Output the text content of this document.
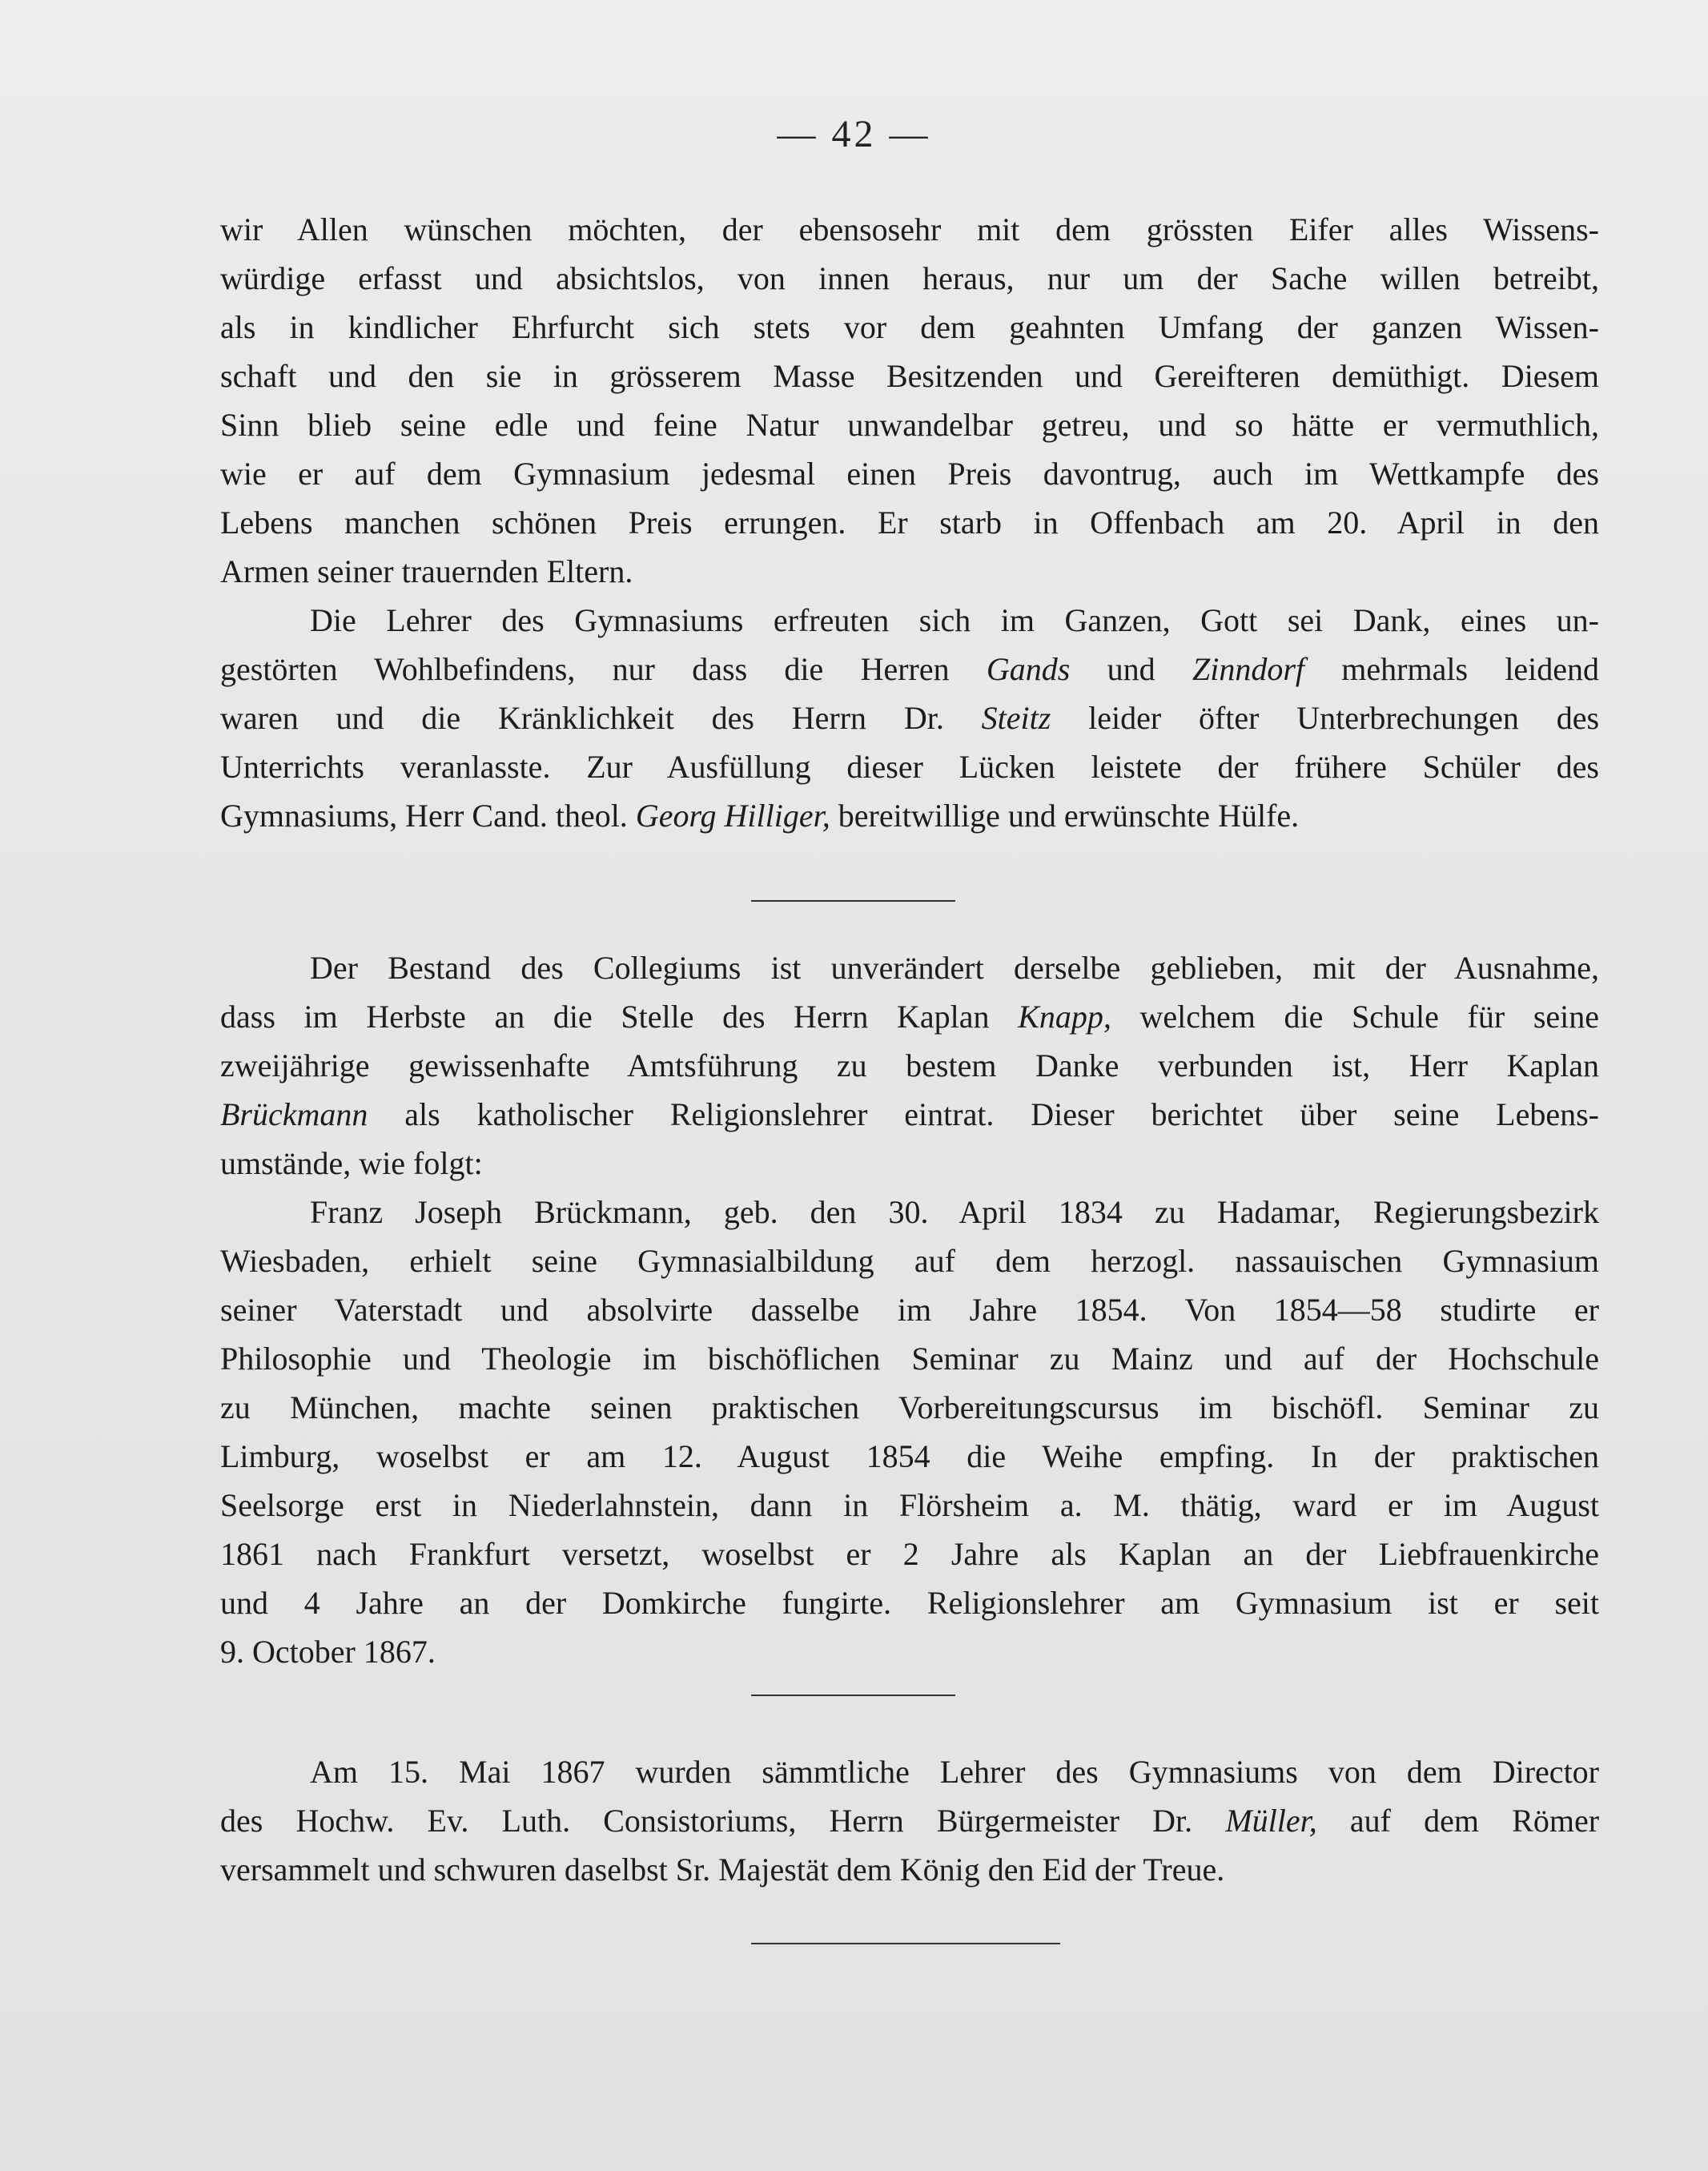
— 42 —

wir Allen wünschen möchten, der ebensosehr mit dem grössten Eifer alles Wissens-
würdige erfasst und absichtslos, von innen heraus, nur um der Sache willen betreibt,
als in kindlicher Ehrfurcht sich stets vor dem geahnten Umfang der ganzen Wissen-
schaft und den sie in grösserem Masse Besitzenden und Gereifteren demüthigt. Diesem
Sinn blieb seine edle und feine Natur unwandelbar getreu, und so hätte er vermuthlich,
wie er auf dem Gymnasium jedesmal einen Preis davontrug, auch im Wettkampfe des
Lebens manchen schönen Preis errungen. Er starb in Offenbach am 20. April in den
Armen seiner trauernden Eltern.

Die Lehrer des Gymnasiums erfreuten sich im Ganzen, Gott sei Dank, eines un-
gestörten Wohlbefindens, nur dass die Herren Gands und Zinndorf mehrmals leidend
waren und die Kränklichkeit des Herrn Dr. Steitz leider öfter Unterbrechungen des
Unterrichts veranlasste. Zur Ausfüllung dieser Lücken leistete der frühere Schüler des
Gymnasiums, Herr Cand. theol. Georg Hilliger, bereitwillige und erwünschte Hülfe.

Der Bestand des Collegiums ist unverändert derselbe geblieben, mit der Ausnahme,
dass im Herbste an die Stelle des Herrn Kaplan Knapp, welchem die Schule für seine
zweijährige gewissenhafte Amtsführung zu bestem Danke verbunden ist, Herr Kaplan
Brückmann als katholischer Religionslehrer eintrat. Dieser berichtet über seine Lebens-
umstände, wie folgt:

Franz Joseph Brückmann, geb. den 30. April 1834 zu Hadamar, Regierungsbezirk
Wiesbaden, erhielt seine Gymnasialbildung auf dem herzogl. nassauischen Gymnasium
seiner Vaterstadt und absolvirte dasselbe im Jahre 1854. Von 1854—58 studirte er
Philosophie und Theologie im bischöflichen Seminar zu Mainz und auf der Hochschule
zu München, machte seinen praktischen Vorbereitungscursus im bischöfl. Seminar zu
Limburg, woselbst er am 12. August 1854 die Weihe empfing. In der praktischen
Seelsorge erst in Niederlahnstein, dann in Flörsheim a. M. thätig, ward er im August
1861 nach Frankfurt versetzt, woselbst er 2 Jahre als Kaplan an der Liebfrauenkirche
und 4 Jahre an der Domkirche fungirte. Religionslehrer am Gymnasium ist er seit
9. October 1867.

Am 15. Mai 1867 wurden sämmtliche Lehrer des Gymnasiums von dem Director
des Hochw. Ev. Luth. Consistoriums, Herrn Bürgermeister Dr. Müller, auf dem Römer
versammelt und schwuren daselbst Sr. Majestät dem König den Eid der Treue.
